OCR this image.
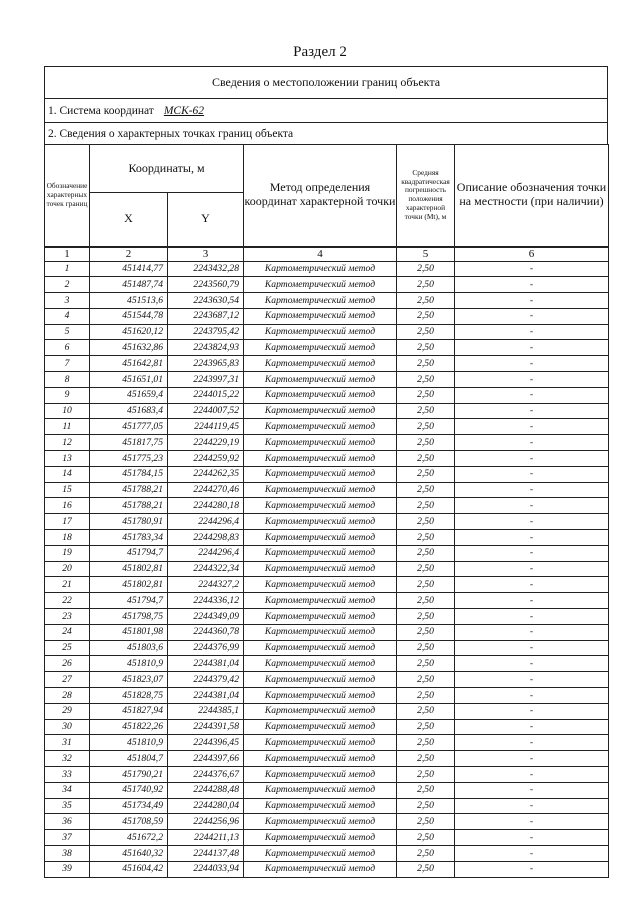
Раздел 2
Сведения о местоположении границ объекта
1. Система координат МСК-62
2. Сведения о характерных точках границ объекта
Обозначение характерных точек границ	Координаты, м		Метод определения координат характерной точки	Средняя квадратическая погрешность положения характерной точки (Mt), м	Описание обозначения точки на местности (при наличии)
	X	Y			
1	2	3	4	5	6
1	451414,77	2243432,28	Картометрический метод	2,50	-
2	451487,74	2243560,79	Картометрический метод	2,50	-
3	451513,6	2243630,54	Картометрический метод	2,50	-
4	451544,78	2243687,12	Картометрический метод	2,50	-
5	451620,12	2243795,42	Картометрический метод	2,50	-
6	451632,86	2243824,93	Картометрический метод	2,50	-
7	451642,81	2243965,83	Картометрический метод	2,50	-
8	451651,01	2243997,31	Картометрический метод	2,50	-
9	451659,4	2244015,22	Картометрический метод	2,50	-
10	451683,4	2244007,52	Картометрический метод	2,50	-
11	451777,05	2244119,45	Картометрический метод	2,50	-
12	451817,75	2244229,19	Картометрический метод	2,50	-
13	451775,23	2244259,92	Картометрический метод	2,50	-
14	451784,15	2244262,35	Картометрический метод	2,50	-
15	451788,21	2244270,46	Картометрический метод	2,50	-
16	451788,21	2244280,18	Картометрический метод	2,50	-
17	451780,91	2244296,4	Картометрический метод	2,50	-
18	451783,34	2244298,83	Картометрический метод	2,50	-
19	451794,7	2244296,4	Картометрический метод	2,50	-
20	451802,81	2244322,34	Картометрический метод	2,50	-
21	451802,81	2244327,2	Картометрический метод	2,50	-
22	451794,7	2244336,12	Картометрический метод	2,50	-
23	451798,75	2244349,09	Картометрический метод	2,50	-
24	451801,98	2244360,78	Картометрический метод	2,50	-
25	451803,6	2244376,99	Картометрический метод	2,50	-
26	451810,9	2244381,04	Картометрический метод	2,50	-
27	451823,07	2244379,42	Картометрический метод	2,50	-
28	451828,75	2244381,04	Картометрический метод	2,50	-
29	451827,94	2244385,1	Картометрический метод	2,50	-
30	451822,26	2244391,58	Картометрический метод	2,50	-
31	451810,9	2244396,45	Картометрический метод	2,50	-
32	451804,7	2244397,66	Картометрический метод	2,50	-
33	451790,21	2244376,67	Картометрический метод	2,50	-
34	451740,92	2244288,48	Картометрический метод	2,50	-
35	451734,49	2244280,04	Картометрический метод	2,50	-
36	451708,59	2244256,96	Картометрический метод	2,50	-
37	451672,2	2244211,13	Картометрический метод	2,50	-
38	451640,32	2244137,48	Картометрический метод	2,50	-
39	451604,42	2244033,94	Картометрический метод	2,50	-
